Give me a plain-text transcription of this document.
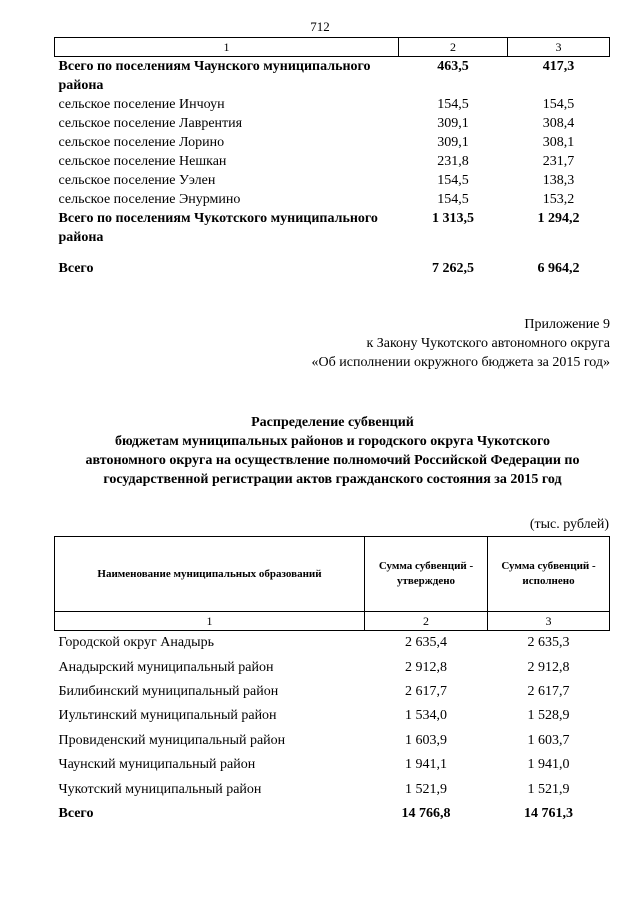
712
1	2	3
Всего по поселениям Чаунского муниципального района	463,5	417,3
сельское поселение Инчоун	154,5	154,5
сельское поселение Лаврентия	309,1	308,4
сельское поселение Лорино	309,1	308,1
сельское поселение Нешкан	231,8	231,7
сельское поселение Уэлен	154,5	138,3
сельское поселение Энурмино	154,5	153,2
Всего по поселениям Чукотского муниципального района	1 313,5	1 294,2
Всего	7 262,5	6 964,2
Приложение 9
к Закону Чукотского автономного округа
«Об исполнении окружного бюджета за 2015 год»
Распределение субвенций
бюджетам муниципальных районов и городского округа Чукотского
автономного округа на осуществление полномочий Российской Федерации по
государственной регистрации актов гражданского состояния за 2015 год
(тыс. рублей)
Наименование муниципальных образований	Сумма субвенций - утверждено	Сумма субвенций - исполнено
1	2	3
Городской округ Анадырь	2 635,4	2 635,3
Анадырский муниципальный район	2 912,8	2 912,8
Билибинский муниципальный район	2 617,7	2 617,7
Иультинский муниципальный район	1 534,0	1 528,9
Провиденский муниципальный район	1 603,9	1 603,7
Чаунский муниципальный район	1 941,1	1 941,0
Чукотский муниципальный район	1 521,9	1 521,9
Всего	14 766,8	14 761,3
